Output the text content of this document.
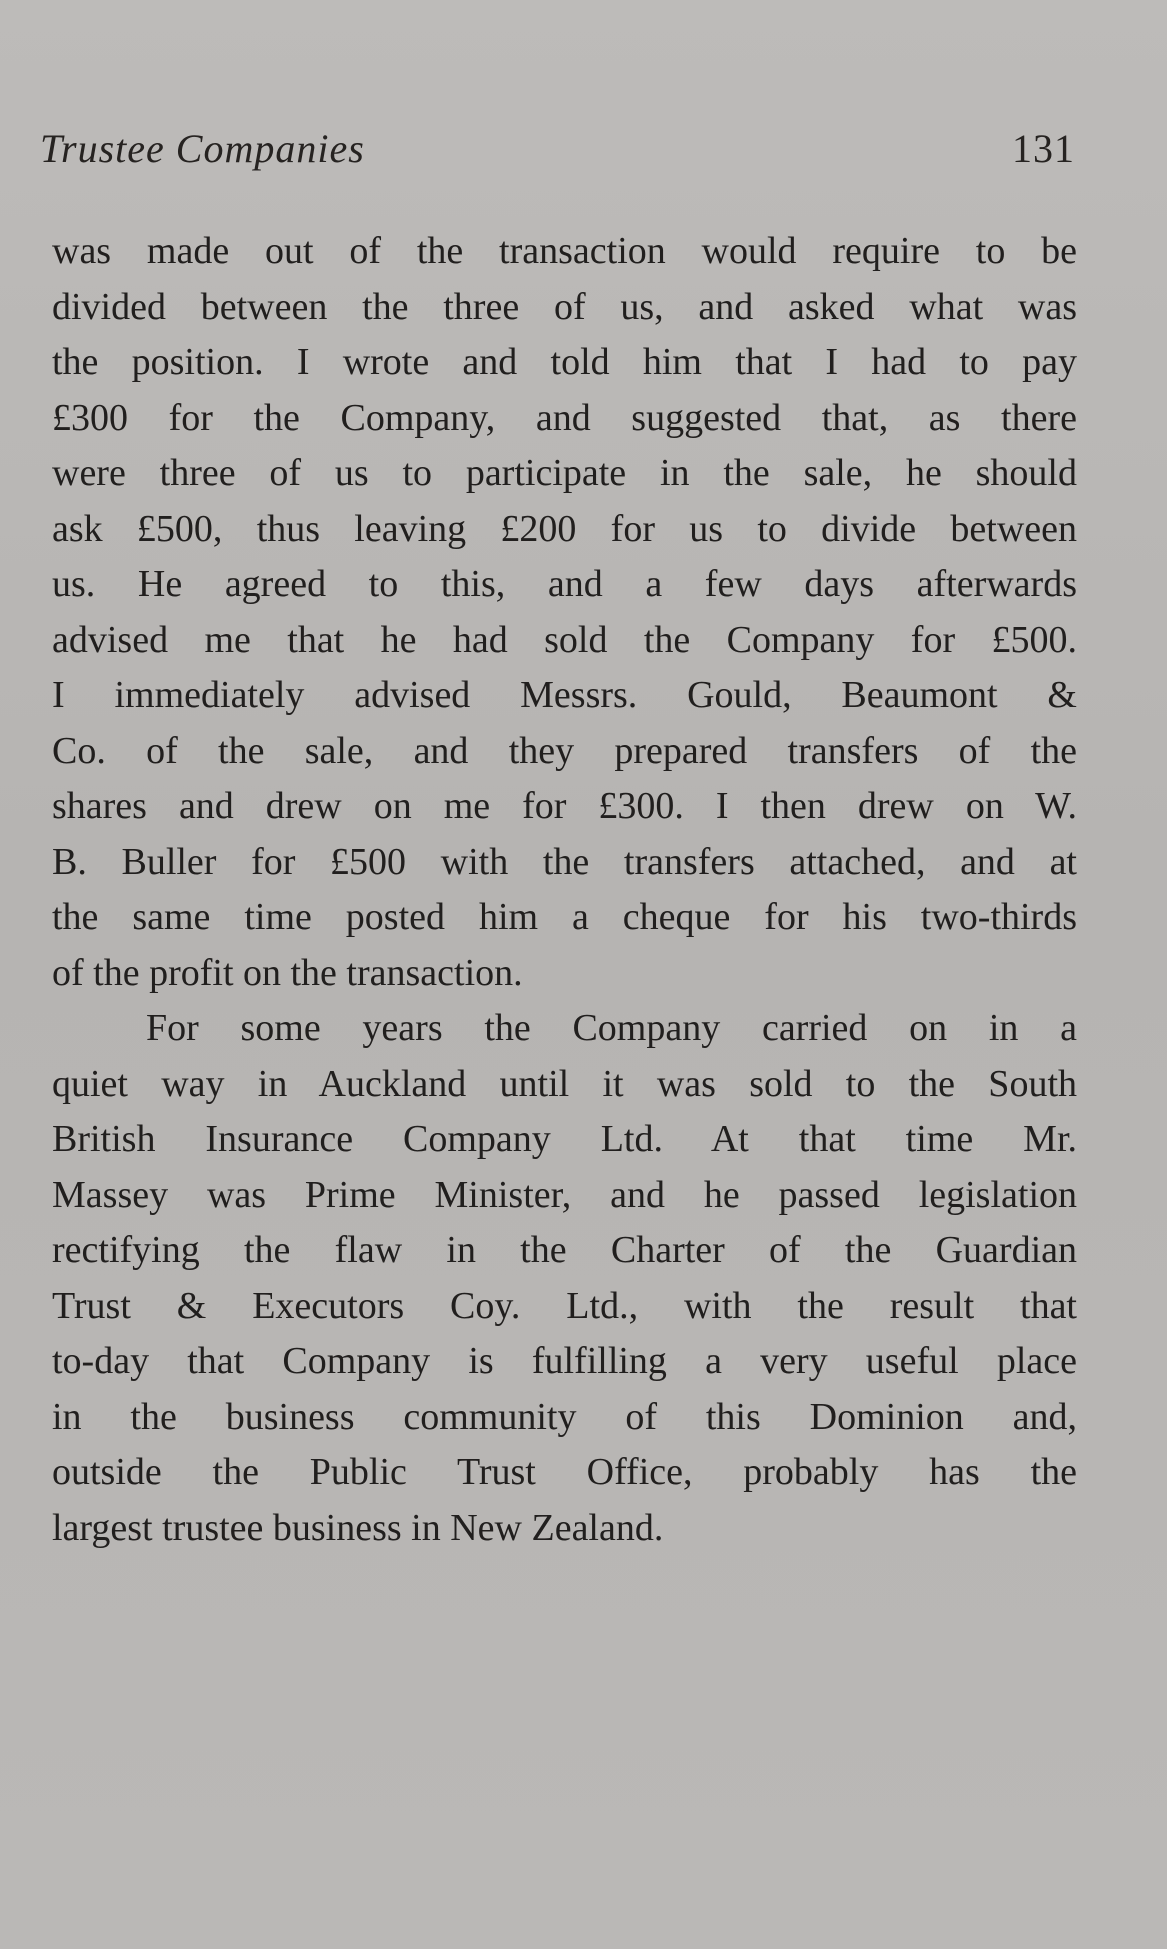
Trustee Companies	131
was made out of the transaction would require to be
divided between the three of us, and asked what was
the position. I wrote and told him that I had to pay
£300 for the Company, and suggested that, as there
were three of us to participate in the sale, he should
ask £500, thus leaving £200 for us to divide between
us. He agreed to this, and a few days afterwards
advised me that he had sold the Company for £500.
I immediately advised Messrs. Gould, Beaumont &
Co. of the sale, and they prepared transfers of the
shares and drew on me for £300. I then drew on W.
B. Buller for £500 with the transfers attached, and at
the same time posted him a cheque for his two-thirds
of the profit on the transaction.
For some years the Company carried on in a
quiet way in Auckland until it was sold to the South
British Insurance Company Ltd. At that time Mr.
Massey was Prime Minister, and he passed legislation
rectifying the flaw in the Charter of the Guardian
Trust & Executors Coy. Ltd., with the result that
to-day that Company is fulfilling a very useful place
in the business community of this Dominion and,
outside the Public Trust Office, probably has the
largest trustee business in New Zealand.
